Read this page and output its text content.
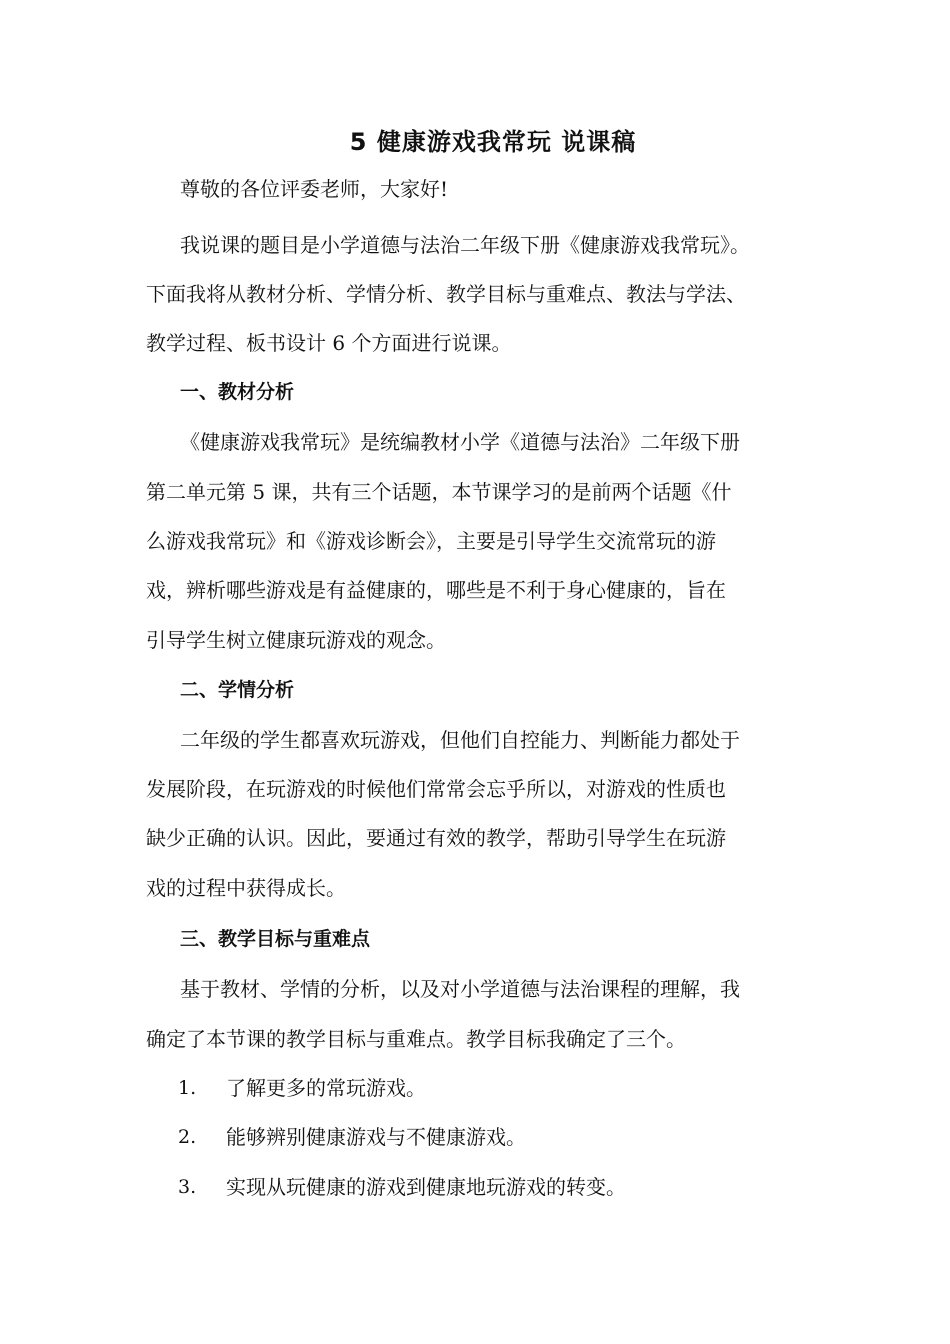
5 健康游戏我常玩 说课稿
尊敬的各位评委老师，大家好!
我说课的题目是小学道德与法治二年级下册《健康游戏我常玩》。
下面我将从教材分析、学情分析、教学目标与重难点、教法与学法、
教学过程、板书设计 6 个方面进行说课。
一、教材分析
《健康游戏我常玩》是统编教材小学《道德与法治》二年级下册
第二单元第 5 课，共有三个话题，本节课学习的是前两个话题《什
么游戏我常玩》和《游戏诊断会》，主要是引导学生交流常玩的游
戏，辨析哪些游戏是有益健康的，哪些是不利于身心健康的，旨在
引导学生树立健康玩游戏的观念。
二、学情分析
二年级的学生都喜欢玩游戏，但他们自控能力、判断能力都处于
发展阶段，在玩游戏的时候他们常常会忘乎所以，对游戏的性质也
缺少正确的认识。因此，要通过有效的教学，帮助引导学生在玩游
戏的过程中获得成长。
三、教学目标与重难点
基于教材、学情的分析，以及对小学道德与法治课程的理解，我
确定了本节课的教学目标与重难点。教学目标我确定了三个。
1. 了解更多的常玩游戏。
2. 能够辨别健康游戏与不健康游戏。
3. 实现从玩健康的游戏到健康地玩游戏的转变。
